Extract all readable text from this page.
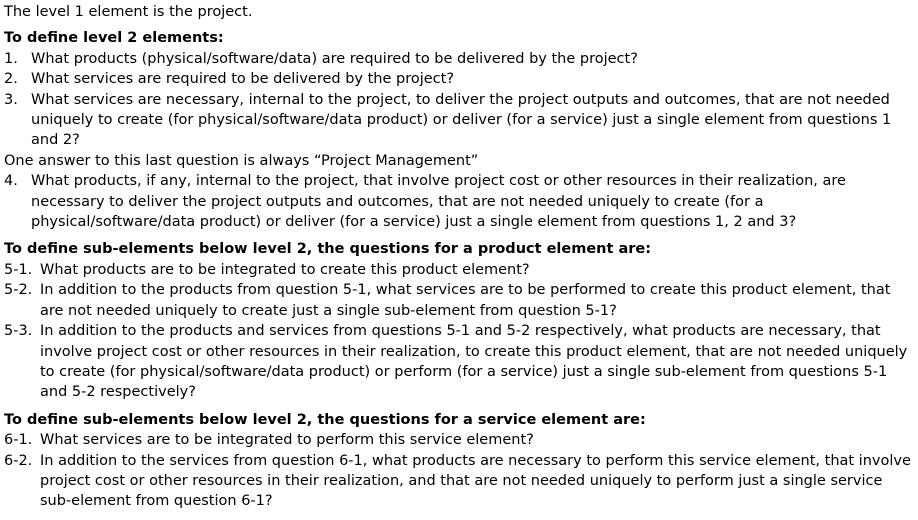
The level 1 element is the project.

To define level 2 elements:

1. What products (physical/software/data) are required to be delivered by the project?
2. What services are required to be delivered by the project?
3. What services are necessary, internal to the project, to deliver the project outputs and outcomes, that are not needed uniquely to create (for physical/software/data product) or deliver (for a service) just a single element from questions 1 and 2?

One answer to this last question is always “Project Management”

4. What products, if any, internal to the project, that involve project cost or other resources in their realization, are necessary to deliver the project outputs and outcomes, that are not needed uniquely to create (for a physical/software/data product) or deliver (for a service) just a single element from questions 1, 2 and 3?

To define sub-elements below level 2, the questions for a product element are:

5-1. What products are to be integrated to create this product element?
5-2. In addition to the products from question 5-1, what services are to be performed to create this product element, that are not needed uniquely to create just a single sub-element from question 5-1?
5-3. In addition to the products and services from questions 5-1 and 5-2 respectively, what products are necessary, that involve project cost or other resources in their realization, to create this product element, that are not needed uniquely to create (for physical/software/data product) or perform (for a service) just a single sub-element from questions 5-1 and 5-2 respectively?

To define sub-elements below level 2, the questions for a service element are:

6-1. What services are to be integrated to perform this service element?
6-2. In addition to the services from question 6-1, what products are necessary to perform this service element, that involve project cost or other resources in their realization, and that are not needed uniquely to perform just a single service sub-element from question 6-1?
